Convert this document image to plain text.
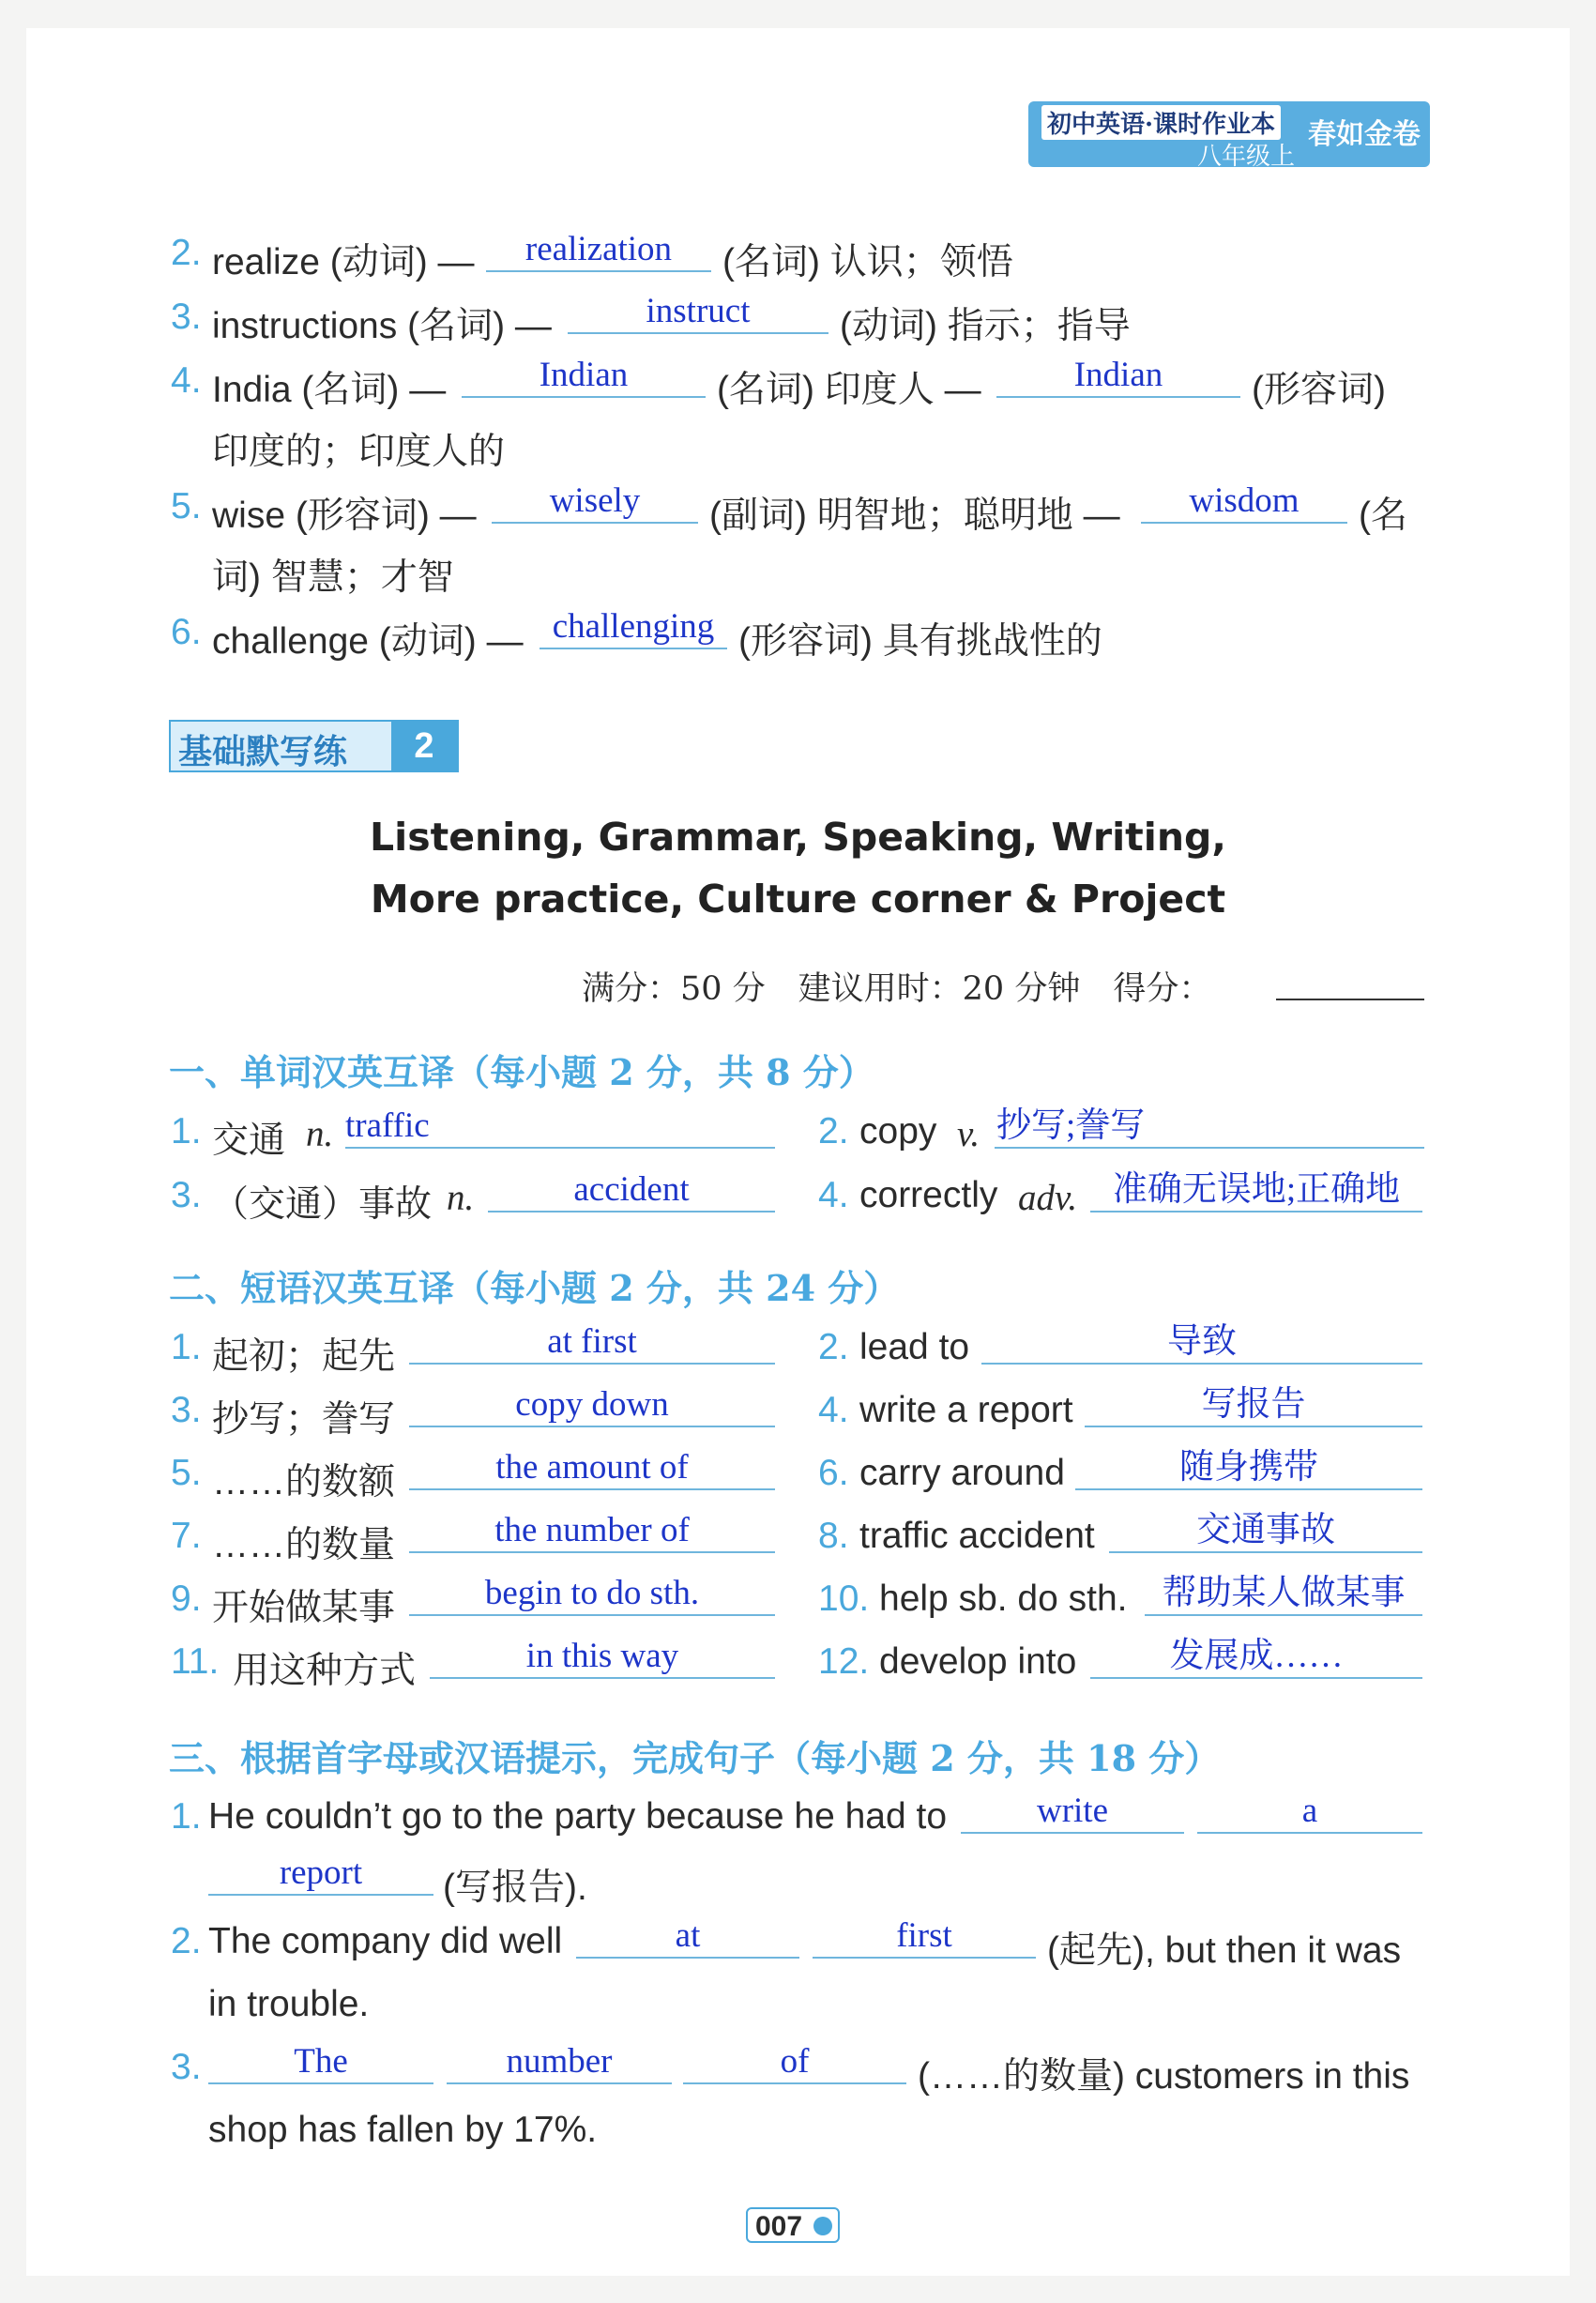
初中英语·课时作业本
八年级上
春如金卷
2. realize (动词) —	realization	(名词) 认识；领悟
3. instructions (名词) —	instruct	(动词) 指示；指导
4. India (名词) —	Indian	(名词) 印度人 —	Indian	(形容词)
印度的；印度人的
5. wise (形容词) —	wisely	(副词) 明智地；聪明地 —	wisdom	(名
词) 智慧；才智
6. challenge (动词) — challenging (形容词) 具有挑战性的
基础默写练	2
Listening, Grammar, Speaking, Writing,
More practice, Culture corner & Project
满分：50 分　建议用时：20 分钟　得分：
一、单词汉英互译（每小题 2 分，共 8 分）
1. 交通 n. traffic	2. copy v. 抄写;誊写
3. （交通）事故 n.	accident	4. correctly adv.	准确无误地;正确地
二、短语汉英互译（每小题 2 分，共 24 分）
1. 起初；起先	at first	2. lead to	导致
3. 抄写；誊写	copy down	4. write a report	写报告
5. ……的数额	the amount of	6. carry around	随身携带
7. ……的数量	the number of	8. traffic accident	交通事故
9. 开始做某事	begin to do sth.	10. help sb. do sth. 帮助某人做某事
11. 用这种方式	in this way	12. develop into	发展成……
三、根据首字母或汉语提示，完成句子（每小题 2 分，共 18 分）
1. He couldn’t go to the party because he had to	write	a
report	(写报告).
2. The company did well	at	first	(起先), but then it was
in trouble.
3.	The	number	of	(……的数量) customers in this
shop has fallen by 17%.
007
